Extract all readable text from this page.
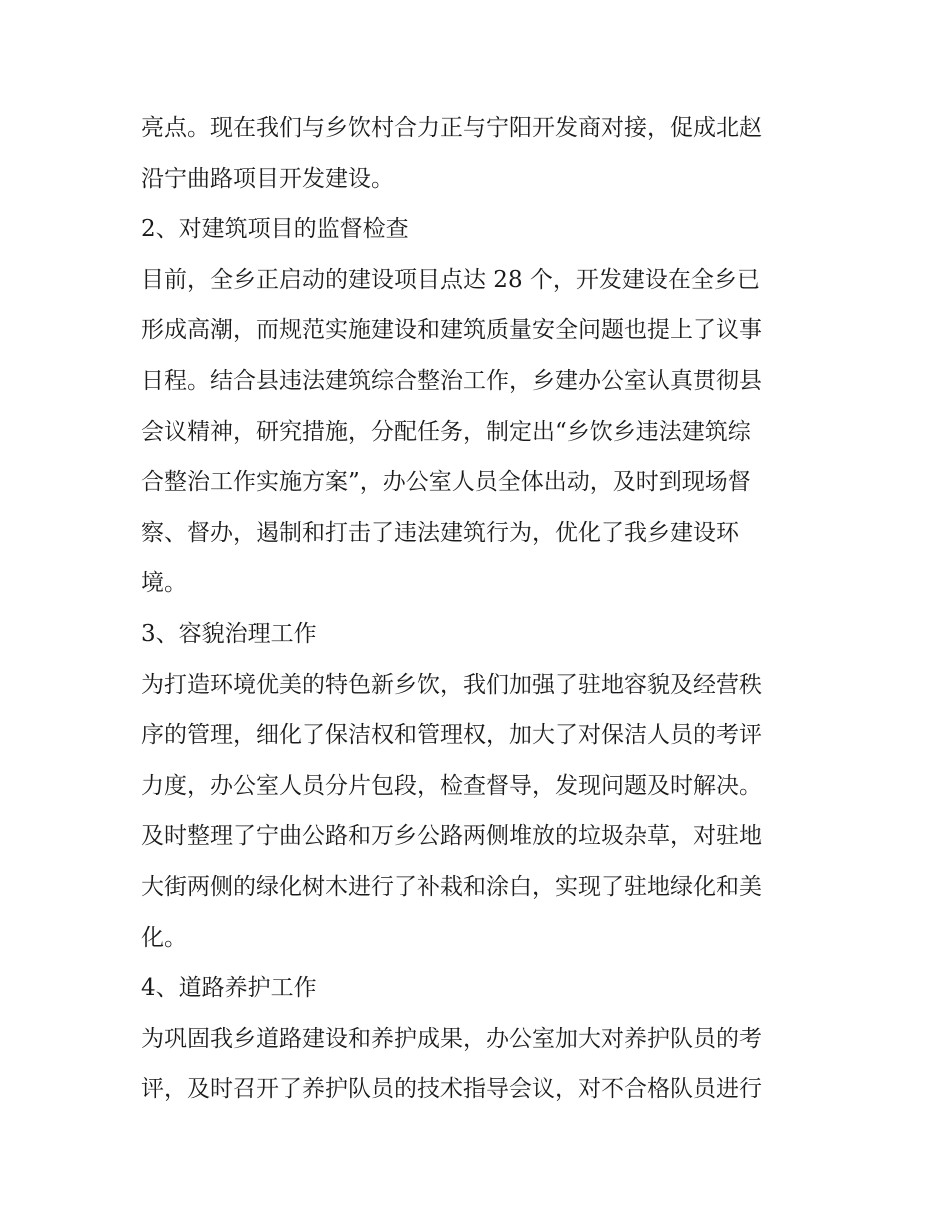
亮点。现在我们与乡饮村合力正与宁阳开发商对接，促成北赵
沿宁曲路项目开发建设。
2、对建筑项目的监督检查
目前，全乡正启动的建设项目点达 28 个，开发建设在全乡已
形成高潮，而规范实施建设和建筑质量安全问题也提上了议事
日程。结合县违法建筑综合整治工作，乡建办公室认真贯彻县
会议精神，研究措施，分配任务，制定出“乡饮乡违法建筑综
合整治工作实施方案”，办公室人员全体出动，及时到现场督
察、督办，遏制和打击了违法建筑行为，优化了我乡建设环
境。
3、容貌治理工作
为打造环境优美的特色新乡饮，我们加强了驻地容貌及经营秩
序的管理，细化了保洁权和管理权，加大了对保洁人员的考评
力度，办公室人员分片包段，检查督导，发现问题及时解决。
及时整理了宁曲公路和万乡公路两侧堆放的垃圾杂草，对驻地
大街两侧的绿化树木进行了补栽和涂白，实现了驻地绿化和美
化。
4、道路养护工作
为巩固我乡道路建设和养护成果，办公室加大对养护队员的考
评，及时召开了养护队员的技术指导会议，对不合格队员进行
